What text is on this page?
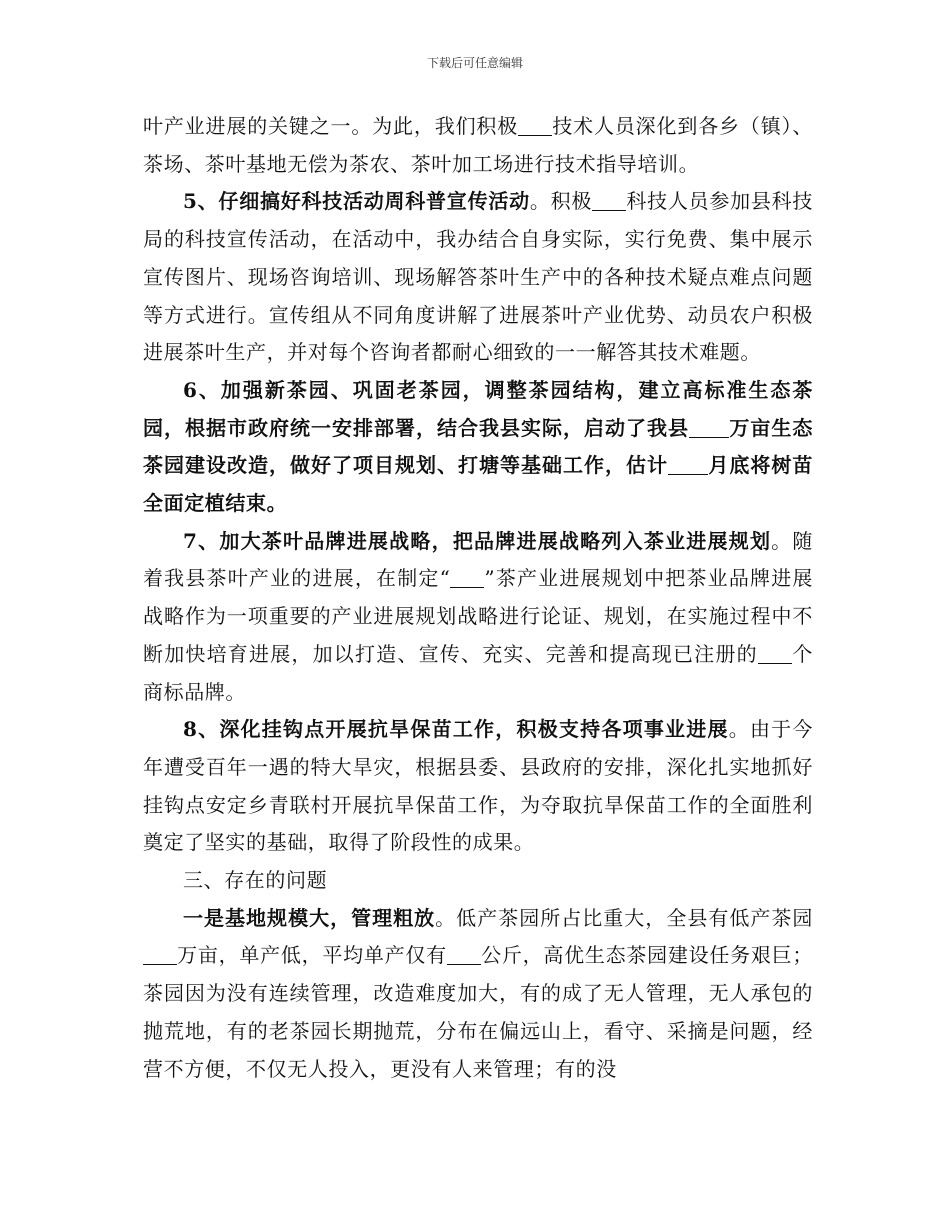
下载后可任意编辑

叶产业进展的关键之一。为此，我们积极 技术人员深化到各乡（镇）、茶场、茶叶基地无偿为茶农、茶叶加工场进行技术指导培训。

5、仔细搞好科技活动周科普宣传活动。积极 科技人员参加县科技局的科技宣传活动，在活动中，我办结合自身实际，实行免费、集中展示宣传图片、现场咨询培训、现场解答茶叶生产中的各种技术疑点难点问题等方式进行。宣传组从不同角度讲解了进展茶叶产业优势、动员农户积极进展茶叶生产，并对每个咨询者都耐心细致的一一解答其技术难题。

6、加强新茶园、巩固老茶园，调整茶园结构，建立高标准生态茶园，根据市政府统一安排部署，结合我县实际，启动了我县 万亩生态茶园建设改造，做好了项目规划、打塘等基础工作，估计 月底将树苗全面定植结束。

7、加大茶叶品牌进展战略，把品牌进展战略列入茶业进展规划。随着我县茶叶产业的进展，在制定“ ”茶产业进展规划中把茶业品牌进展战略作为一项重要的产业进展规划战略进行论证、规划，在实施过程中不断加快培育进展，加以打造、宣传、充实、完善和提高现已注册的 个商标品牌。

8、深化挂钩点开展抗旱保苗工作，积极支持各项事业进展。由于今年遭受百年一遇的特大旱灾，根据县委、县政府的安排，深化扎实地抓好挂钩点安定乡青联村开展抗旱保苗工作，为夺取抗旱保苗工作的全面胜利奠定了坚实的基础，取得了阶段性的成果。

三、存在的问题

一是基地规模大，管理粗放。低产茶园所占比重大，全县有低产茶园万亩，单产低，平均单产仅有 公斤，高优生态茶园建设任务艰巨；茶园因为没有连续管理，改造难度加大，有的成了无人管理，无人承包的抛荒地，有的老茶园长期抛荒，分布在偏远山上，看守、采摘是问题，经营不方便，不仅无人投入，更没有人来管理；有的没
